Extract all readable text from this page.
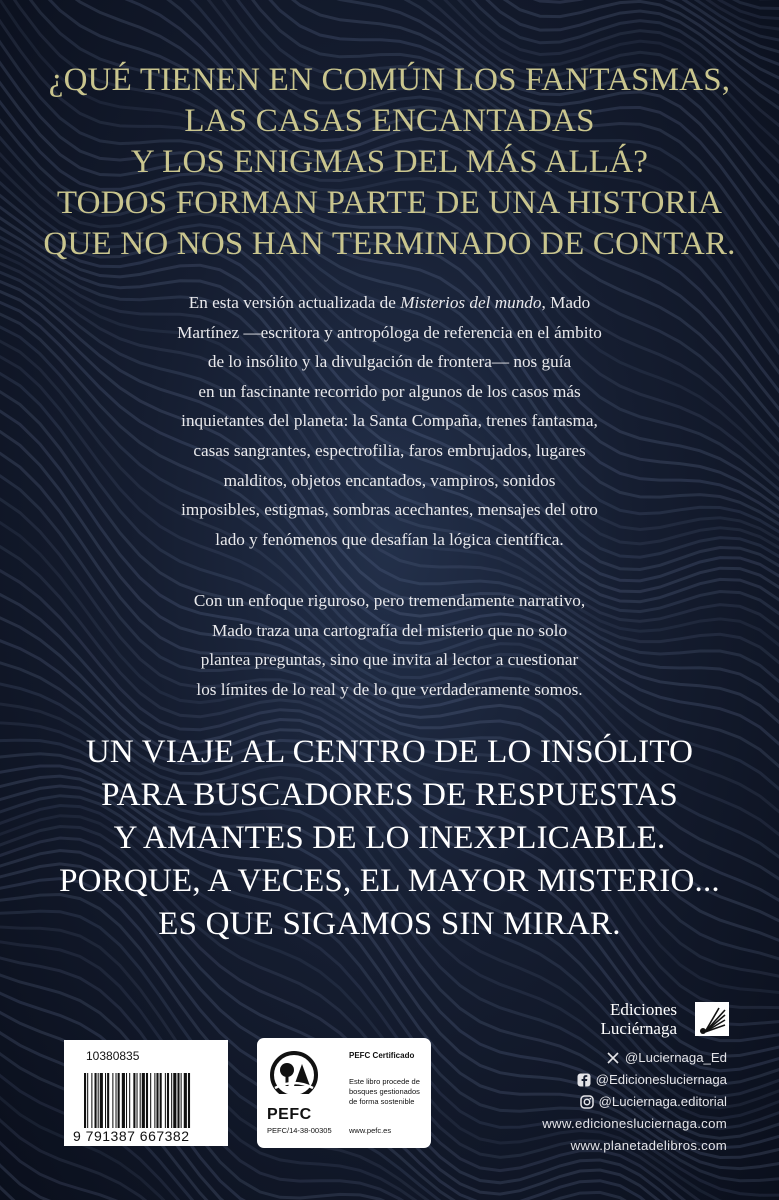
¿QUÉ TIENEN EN COMÚN LOS FANTASMAS,
LAS CASAS ENCANTADAS
Y LOS ENIGMAS DEL MÁS ALLÁ?
TODOS FORMAN PARTE DE UNA HISTORIA
QUE NO NOS HAN TERMINADO DE CONTAR.
En esta versión actualizada de Misterios del mundo, Mado
Martínez —escritora y antropóloga de referencia en el ámbito
de lo insólito y la divulgación de frontera— nos guía
en un fascinante recorrido por algunos de los casos más
inquietantes del planeta: la Santa Compaña, trenes fantasma,
casas sangrantes, espectrofilia, faros embrujados, lugares
malditos, objetos encantados, vampiros, sonidos
imposibles, estigmas, sombras acechantes, mensajes del otro
lado y fenómenos que desafían la lógica científica.
Con un enfoque riguroso, pero tremendamente narrativo,
Mado traza una cartografía del misterio que no solo
plantea preguntas, sino que invita al lector a cuestionar
los límites de lo real y de lo que verdaderamente somos.
UN VIAJE AL CENTRO DE LO INSÓLITO
PARA BUSCADORES DE RESPUESTAS
Y AMANTES DE LO INEXPLICABLE.
PORQUE, A VECES, EL MAYOR MISTERIO...
ES QUE SIGAMOS SIN MIRAR.
Ediciones
Luciérnaga
@Luciernaga_Ed
@Edicionesluciernaga
@Luciernaga.editorial
www.edicionesluciernaga.com
www.planetadelibros.com
10380835
9 791387 667382
PEFC
PEFC/14-38-00305
PEFC Certificado
Este libro procede de
bosques gestionados
de forma sostenible
www.pefc.es
